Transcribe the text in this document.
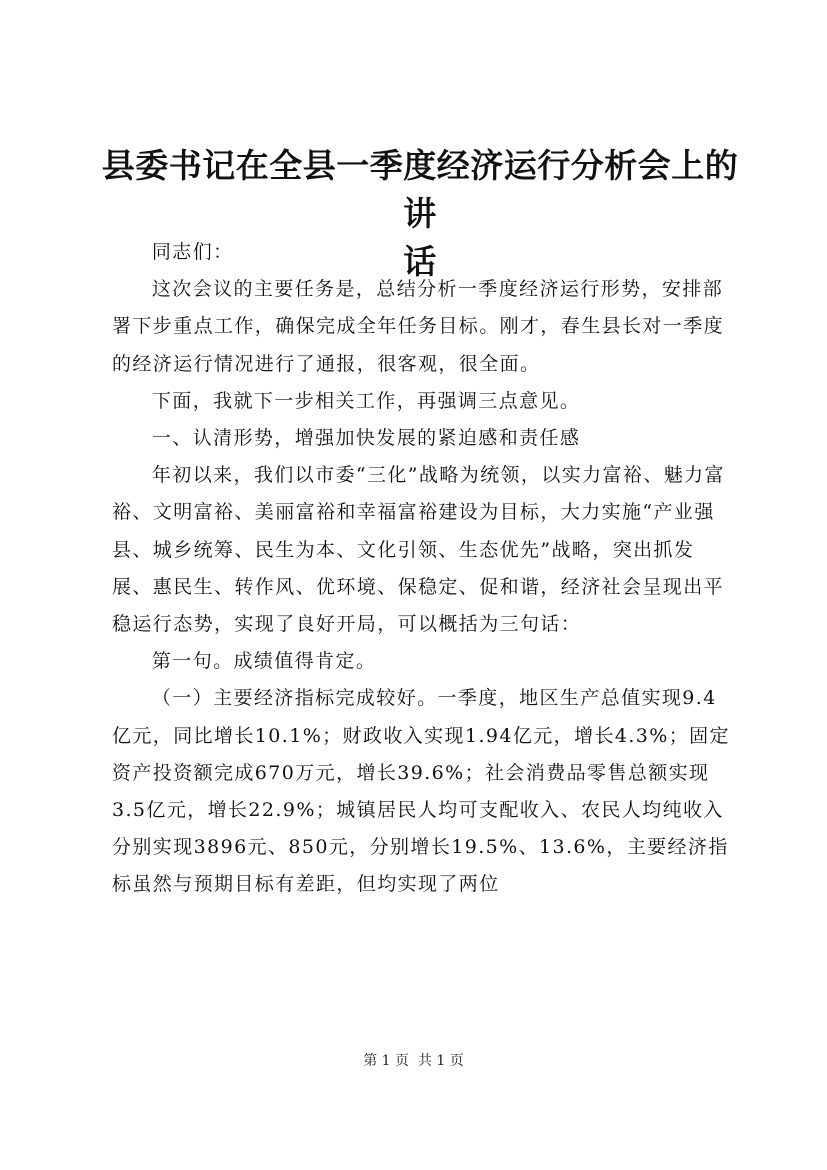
县委书记在全县一季度经济运行分析会上的讲
话

同志们：

这次会议的主要任务是，总结分析一季度经济运行形势，安排部署下步重点工作，确保完成全年任务目标。刚才，春生县长对一季度的经济运行情况进行了通报，很客观，很全面。

下面，我就下一步相关工作，再强调三点意见。

一、认清形势，增强加快发展的紧迫感和责任感

年初以来，我们以市委“三化”战略为统领，以实力富裕、魅力富裕、文明富裕、美丽富裕和幸福富裕建设为目标，大力实施“产业强县、城乡统筹、民生为本、文化引领、生态优先”战略，突出抓发展、惠民生、转作风、优环境、保稳定、促和谐，经济社会呈现出平稳运行态势，实现了良好开局，可以概括为三句话：

第一句。成绩值得肯定。

（一）主要经济指标完成较好。一季度，地区生产总值实现9.4亿元，同比增长10.1%；财政收入实现1.94亿元，增长4.3%；固定资产投资额完成670万元，增长39.6%；社会消费品零售总额实现3.5亿元，增长22.9%；城镇居民人均可支配收入、农民人均纯收入分别实现3896元、850元，分别增长19.5%、13.6%，主要经济指标虽然与预期目标有差距，但均实现了两位

第 1 页  共 1 页
